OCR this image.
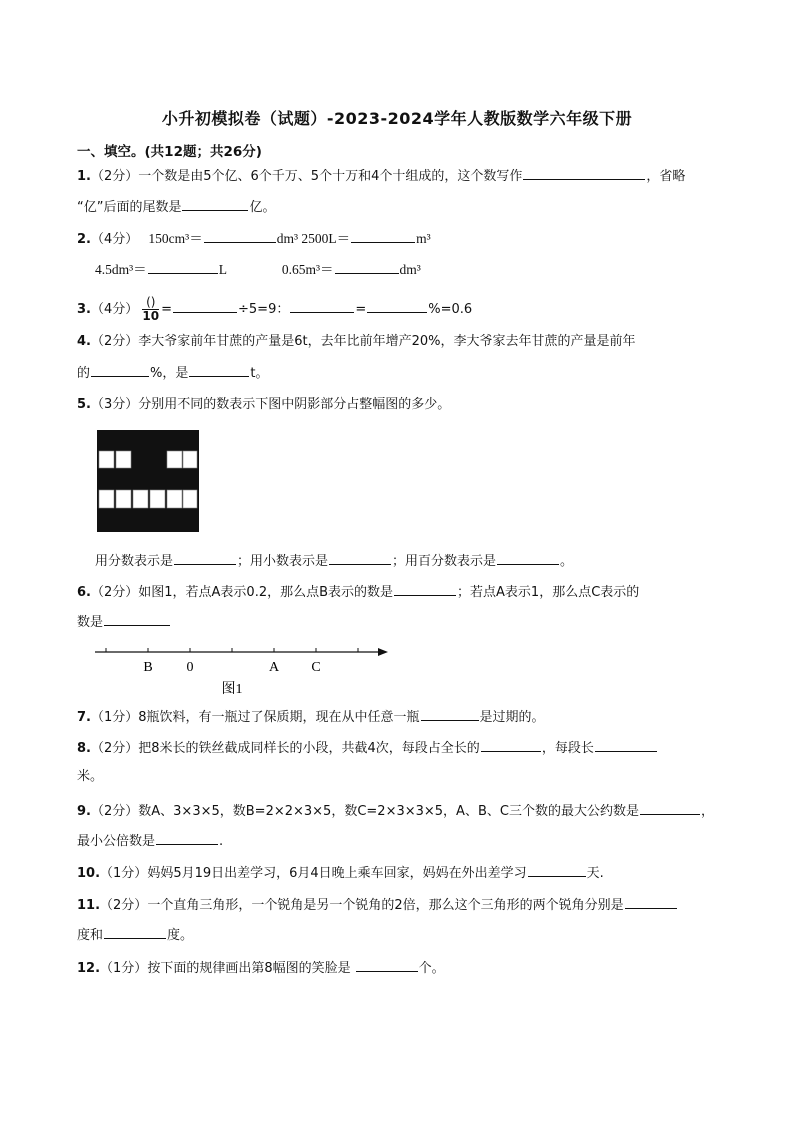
小升初模拟卷（试题）-2023-2024学年人教版数学六年级下册
一、填空。(共12题；共26分)
1.（2分）一个数是由5个亿、6个千万、5个十万和4个十组成的，这个数写作	，省略
“亿”后面的尾数是	亿。
2.（4分） 150cm³＝	dm³ 2500L＝	m³
4.5dm³＝	L	0.65m³＝	dm³
3.（4分） $\frac{()}{10}$ =	÷5=9：	=	%=0.6
4.（2分）李大爷家前年甘蔗的产量是6t，去年比前年增产20%，李大爷家去年甘蔗的产量是前年
的	%，是	t。
5.（3分）分别用不同的数表示下图中阴影部分占整幅图的多少。
用分数表示是	；用小数表示是	；用百分数表示是	。
6.（2分）如图1，若点A表示0.2，那么点B表示的数是	；若点A表示1，那么点C表示的
数是
B 0	A C
图1
7.（1分）8瓶饮料，有一瓶过了保质期，现在从中任意一瓶	是过期的。
8.（2分）把8米长的铁丝截成同样长的小段，共截4次，每段占全长的	，每段长
米。
9.（2分）数A、3×3×5，数B=2×2×3×5，数C=2×3×3×5，A、B、C三个数的最大公约数是	，
最小公倍数是	.
10.（1分）妈妈5月19日出差学习，6月4日晚上乘车回家，妈妈在外出差学习	天.
11.（2分）一个直角三角形，一个锐角是另一个锐角的2倍，那么这个三角形的两个锐角分别是
度和	度。
12.（1分）按下面的规律画出第8幅图的笑脸是	个。
